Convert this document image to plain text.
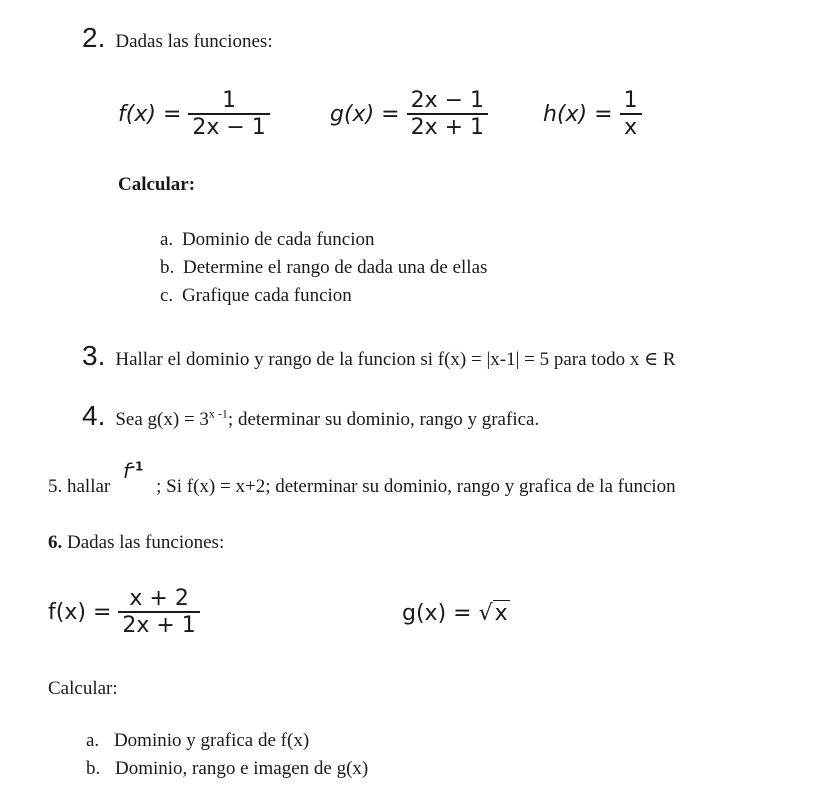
2. Dadas las funciones:
$f(x) = \frac{1}{2x - 1}$	$g(x) = \frac{2x - 1}{2x + 1} h(x) = \frac{1}{x}$
Calcular:
a. Dominio de cada funcion
b. Determine el rango de dada una de ellas
c. Grafique cada funcion
3. Hallar el dominio y rango de la funcion si f(x) = |x-1| = 5 para todo x ∈ R
4. Sea $g(x) = 3^{x -1}$; determinar su dominio, rango y grafica.
5. hallar $f^{-1}$ ; Si f(x) = x+2; determinar su dominio, rango y grafica de la funcion
6. Dadas las funciones:
$f(x) = \frac{x + 2}{2x + 1}$	g(x) = √x
Calcular:
a. Dominio y grafica de f(x)
b. Dominio, rango e imagen de g(x)
